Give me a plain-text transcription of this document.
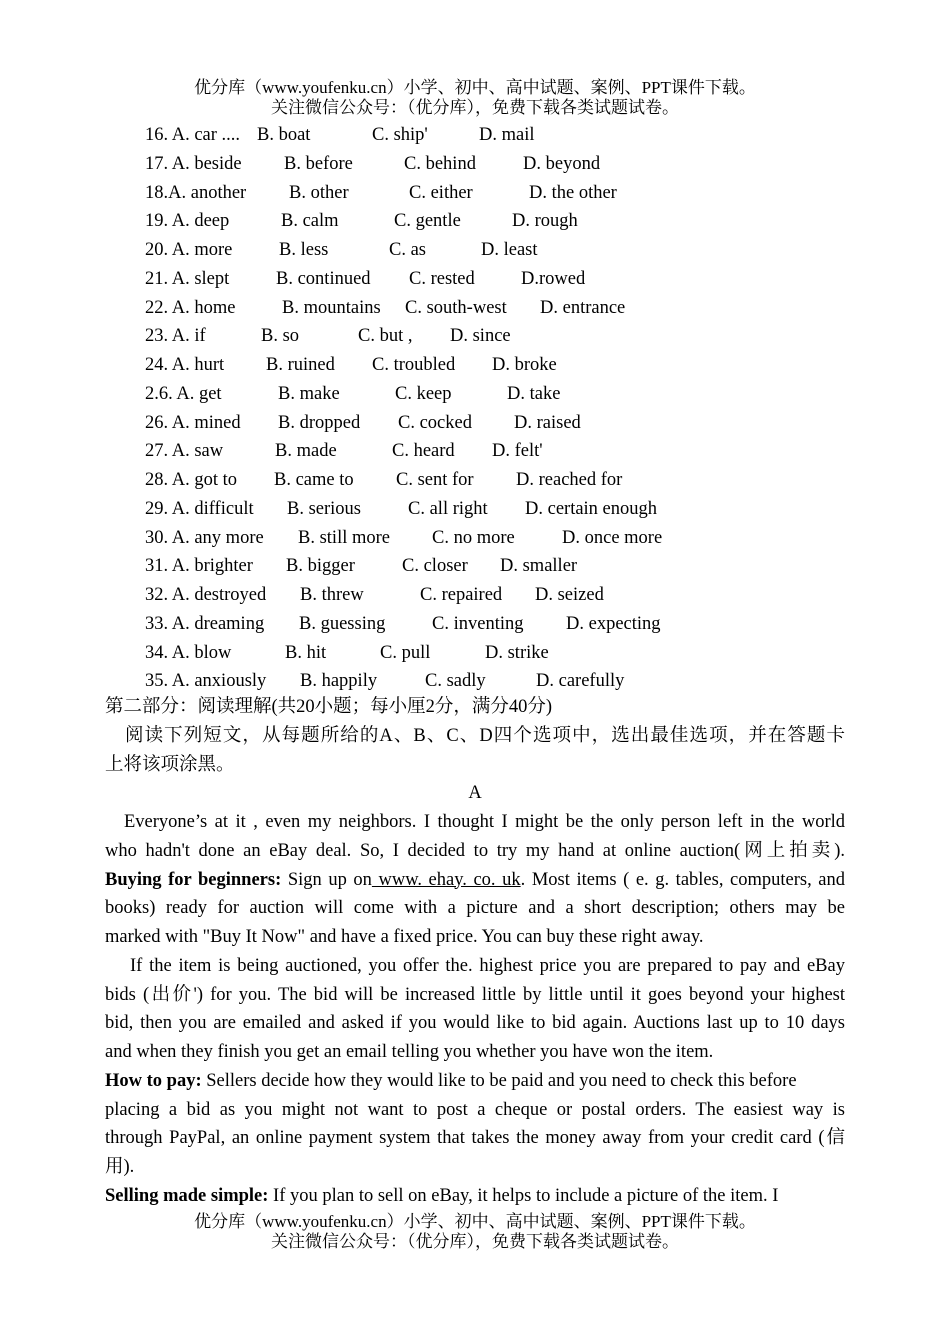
优分库（www.youfenku.cn）小学、初中、高中试题、案例、PPT课件下载。
关注微信公众号：（优分库），免费下载各类试题试卷。
16. A. car .... B. boat	C. ship'	D. mail
17. A. beside B. before	C. behind	D. beyond
18.A. another B. other	C. either	D. the other
19. A. deep	B. calm	C. gentle	D. rough
20. A. more	B. less	C. as	D. least
21. A. slept	B. continued C. rested D.rowed
22. A. home	B. mountains C. south-west D. entrance
23. A. if	B. so	C. but , D. since
24. A. hurt B. ruined C. troubled D. broke
2.6. A. get	B. make	C. keep	D. take
26. A. mined B. dropped C. cocked D. raised
27. A. saw	B. made	C. heard D. felt'
28. A. got to B. came to C. sent for D. reached for
29. A. difficult B. serious	C. all right D. certain enough
30. A. any more B. still more C. no more	D. once more
31. A. brighter B. bigger	C. closer D. smaller
32. A. destroyed B. threw	C. repaired D. seized
33. A. dreaming B. guessing	C. inventing D. expecting
34. A. blow	B. hit	C. pull	D. strike
35. A. anxiously B. happily	C. sadly	D. carefully
第二部分：阅读理解(共20小题；每小厘2分，满分40分)
阅读下列短文，从每题所给的A、B、C、D四个选项中，选出最佳选项，并在答题卡
上将该项涂黑。
A
Everyone’s at it , even my neighbors. I thought I might be the only person left in the world
who hadn't done an eBay deal. So, I decided to try my hand at online auction(网上拍卖).
Buying for beginners: Sign up on www. ehay. co. uk. Most items ( e. g. tables, computers, and
books) ready for auction will come with a picture and a short description; others may be
marked with "Buy It Now" and have a fixed price. You can buy these right away.
If the item is being auctioned, you offer the. highest price you are prepared to pay and eBay
bids (出价') for you. The bid will be increased little by little until it goes beyond your highest
bid, then you are emailed and asked if you would like to bid again. Auctions last up to 10 days
and when they finish you get an email telling you whether you have won the item.
How to pay: Sellers decide how they would like to be paid and you need to check this before
placing a bid as you might not want to post a cheque or postal orders. The easiest way is
through PayPal, an online payment system that takes the money away from your credit card (信
用).
Selling made simple: If you plan to sell on eBay, it helps to include a picture of the item. I
优分库（www.youfenku.cn）小学、初中、高中试题、案例、PPT课件下载。
关注微信公众号：（优分库），免费下载各类试题试卷。
